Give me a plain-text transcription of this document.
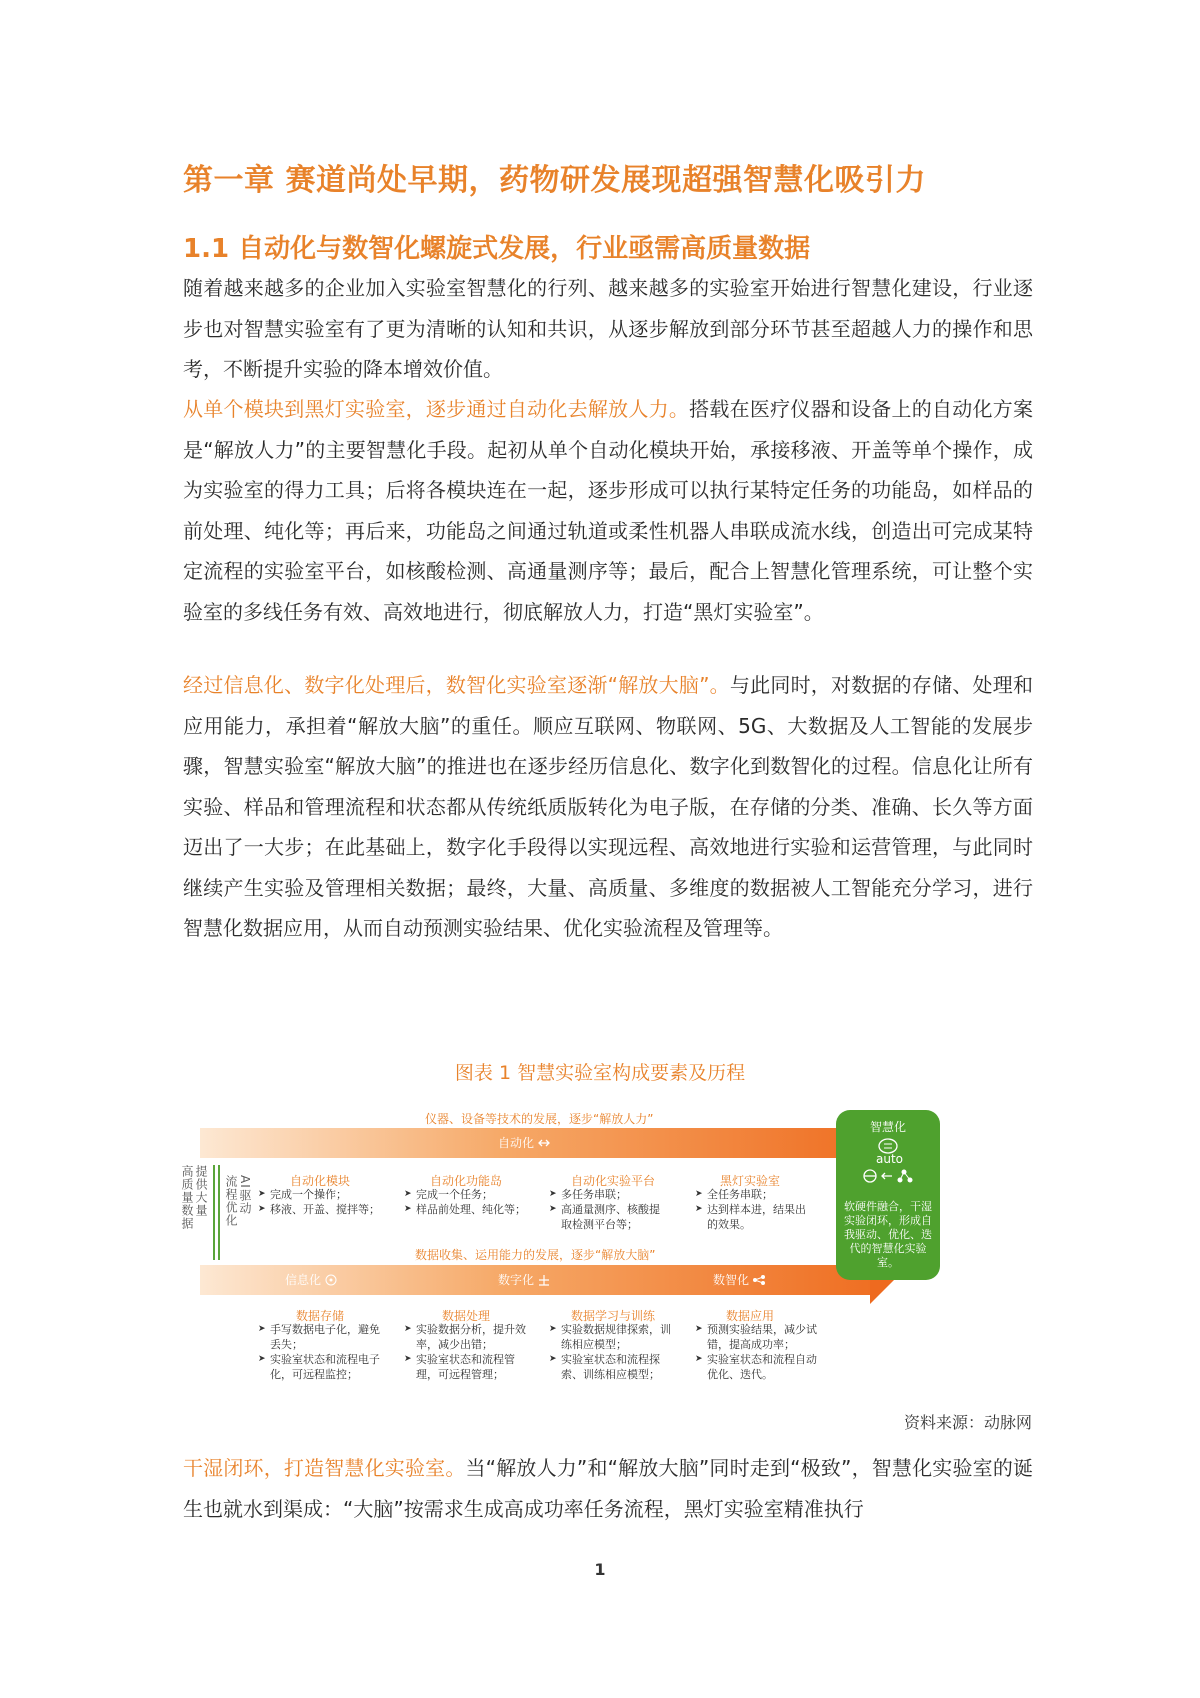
第一章 赛道尚处早期，药物研发展现超强智慧化吸引力
1.1 自动化与数智化螺旋式发展，行业亟需高质量数据

随着越来越多的企业加入实验室智慧化的行列、越来越多的实验室开始进行智慧化建设，行业逐步也对智慧实验室有了更为清晰的认知和共识，从逐步解放到部分环节甚至超越人力的操作和思考，不断提升实验的降本增效价值。

从单个模块到黑灯实验室，逐步通过自动化去解放人力。搭载在医疗仪器和设备上的自动化方案是“解放人力”的主要智慧化手段。起初从单个自动化模块开始，承接移液、开盖等单个操作，成为实验室的得力工具；后将各模块连在一起，逐步形成可以执行某特定任务的功能岛，如样品的前处理、纯化等；再后来，功能岛之间通过轨道或柔性机器人串联成流水线，创造出可完成某特定流程的实验室平台，如核酸检测、高通量测序等；最后，配合上智慧化管理系统，可让整个实验室的多线任务有效、高效地进行，彻底解放人力，打造“黑灯实验室”。

经过信息化、数字化处理后，数智化实验室逐渐“解放大脑”。与此同时，对数据的存储、处理和应用能力，承担着“解放大脑”的重任。顺应互联网、物联网、5G、大数据及人工智能的发展步骤，智慧实验室“解放大脑”的推进也在逐步经历信息化、数字化到数智化的过程。信息化让所有实验、样品和管理流程和状态都从传统纸质版转化为电子版，在存储的分类、准确、长久等方面迈出了一大步；在此基础上，数字化手段得以实现远程、高效地进行实验和运营管理，与此同时继续产生实验及管理相关数据；最终，大量、高质量、多维度的数据被人工智能充分学习，进行智慧化数据应用，从而自动预测实验结果、优化实验流程及管理等。

图表 1 智慧实验室构成要素及历程

仪器、设备等技术的发展，逐步“解放人力”
自动化
高质量数据 提供大量 流程优化 AI驱动	自动化模块
➤ 完成一个操作；
➤ 移液、开盖、搅拌等；
自动化功能岛
➤ 完成一个任务；
➤ 样品前处理、纯化等；
自动化实验平台
➤ 多任务串联；
➤ 高通量测序、核酸提取检测平台等；
黑灯实验室
➤ 全任务串联；
➤ 达到样本进，结果出的效果。
数据收集、运用能力的发展，逐步“解放大脑”
信息化	数字化	数智化
数据存储
➤ 手写数据电子化，避免丢失；
➤ 实验室状态和流程电子化，可远程监控；
数据处理
➤ 实验数据分析，提升效率，减少出错；
➤ 实验室状态和流程管理，可远程管理；
数据学习与训练
➤ 实验数据规律探索，训练相应模型；
➤ 实验室状态和流程探索、训练相应模型；
数据应用
➤ 预测实验结果，减少试错，提高成功率；
➤ 实验室状态和流程自动优化、迭代。
智慧化
auto
软硬件融合，干湿实验闭环，形成自我驱动、优化、迭代的智慧化实验室。
资料来源：动脉网

干湿闭环，打造智慧化实验室。当“解放人力”和“解放大脑”同时走到“极致”，智慧化实验室的诞生也就水到渠成：“大脑”按需求生成高成功率任务流程，黑灯实验室精准执行

1
